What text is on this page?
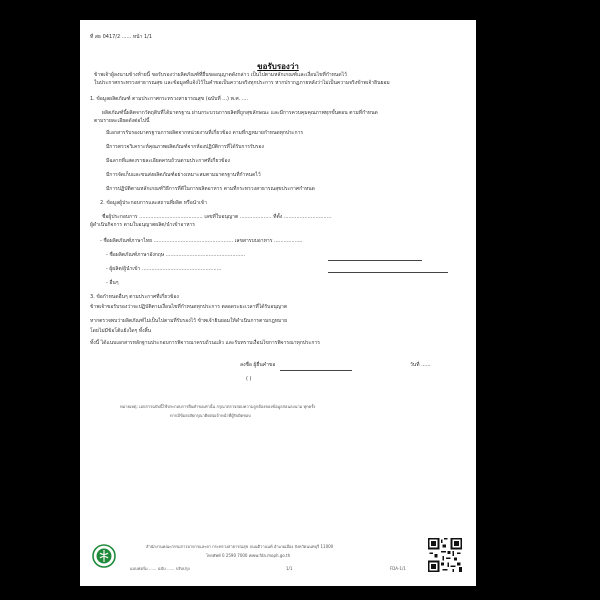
ที่ สธ 0417/2 ...... หน้า 1/1
ขอรับรองว่า
ข้าพเจ้าผู้ลงนามข้างท้ายนี้ ขอรับรองว่าผลิตภัณฑ์ที่ยื่นขออนุญาตดังกล่าว เป็นไปตามหลักเกณฑ์และเงื่อนไขที่กำหนดไว้
ในประกาศกระทรวงสาธารณสุข และข้อมูลที่แจ้งไว้ในคำขอเป็นความจริงทุกประการ หากปรากฏภายหลังว่าไม่เป็นความจริงข้าพเจ้ายินยอม
1. ข้อมูลผลิตภัณฑ์ ตามประกาศกระทรวงสาธารณสุข (ฉบับที่ ...) พ.ศ. ....
ผลิตภัณฑ์นี้ผลิตจากวัตถุดิบที่ได้มาตรฐาน ผ่านกระบวนการผลิตที่ถูกสุขลักษณะ และมีการควบคุมคุณภาพทุกขั้นตอน ตามที่กำหนด
ตามรายละเอียดดังต่อไปนี้
มีเอกสารรับรองมาตรฐานการผลิตจากหน่วยงานที่เกี่ยวข้อง ตามที่กฎหมายกำหนดทุกประการ
มีการตรวจวิเคราะห์คุณภาพผลิตภัณฑ์จากห้องปฏิบัติการที่ได้รับการรับรอง
มีฉลากที่แสดงรายละเอียดครบถ้วนตามประกาศที่เกี่ยวข้อง
มีการจัดเก็บและขนส่งผลิตภัณฑ์อย่างเหมาะสมตามมาตรฐานที่กำหนดไว้
มีการปฏิบัติตามหลักเกณฑ์วิธีการที่ดีในการผลิตอาหาร ตามที่กระทรวงสาธารณสุขประกาศกำหนด
2. ข้อมูลผู้ประกอบการและสถานที่ผลิต หรือนำเข้า
ชื่อผู้ประกอบการ ........................................ เลขที่ใบอนุญาต .................... ที่ตั้ง ..............................
ผู้ดำเนินกิจการ ตามใบอนุญาตผลิต/นำเข้าอาหาร
- ชื่อผลิตภัณฑ์ภาษาไทย .................................................. เลขสารบบอาหาร ..................
- ชื่อผลิตภัณฑ์ภาษาอังกฤษ ..................................................
- ผู้ผลิต/ผู้นำเข้า ..................................................
- อื่นๆ
3. ข้อกำหนดอื่นๆ ตามประกาศที่เกี่ยวข้อง
ข้าพเจ้าขอรับรองว่าจะปฏิบัติตามเงื่อนไขที่กำหนดทุกประการ ตลอดระยะเวลาที่ได้รับอนุญาต
หากตรวจพบว่าผลิตภัณฑ์ไม่เป็นไปตามที่รับรองไว้ ข้าพเจ้ายินยอมให้ดำเนินการตามกฎหมาย
โดยไม่มีข้อโต้แย้งใดๆ ทั้งสิ้น
ทั้งนี้ ได้แนบเอกสารหลักฐานประกอบการพิจารณาครบถ้วนแล้ว และรับทราบเงื่อนไขการพิจารณาทุกประการ
ลงชื่อ ผู้ยื่นคำขอ	วันที่ ......
( )
หมายเหตุ: เอกสารฉบับนี้ใช้ประกอบการยื่นคำขอเท่านั้น กรุณาตรวจสอบความถูกต้องของข้อมูลก่อนลงนาม ทุกครั้ง
หากมีข้อสงสัยกรุณาติดต่อเจ้าหน้าที่ผู้รับผิดชอบ
สำนักงานคณะกรรมการอาหารและยา กระทรวงสาธารณสุข ถนนติวานนท์ อำเภอเมือง จังหวัดนนทบุรี 11000
โทรศัพท์ 0 2590 7000 www.fda.moph.go.th
แบบฟอร์ม ...... ฉบับ ...... ปรับปรุง	1/1	FDA-1/1
